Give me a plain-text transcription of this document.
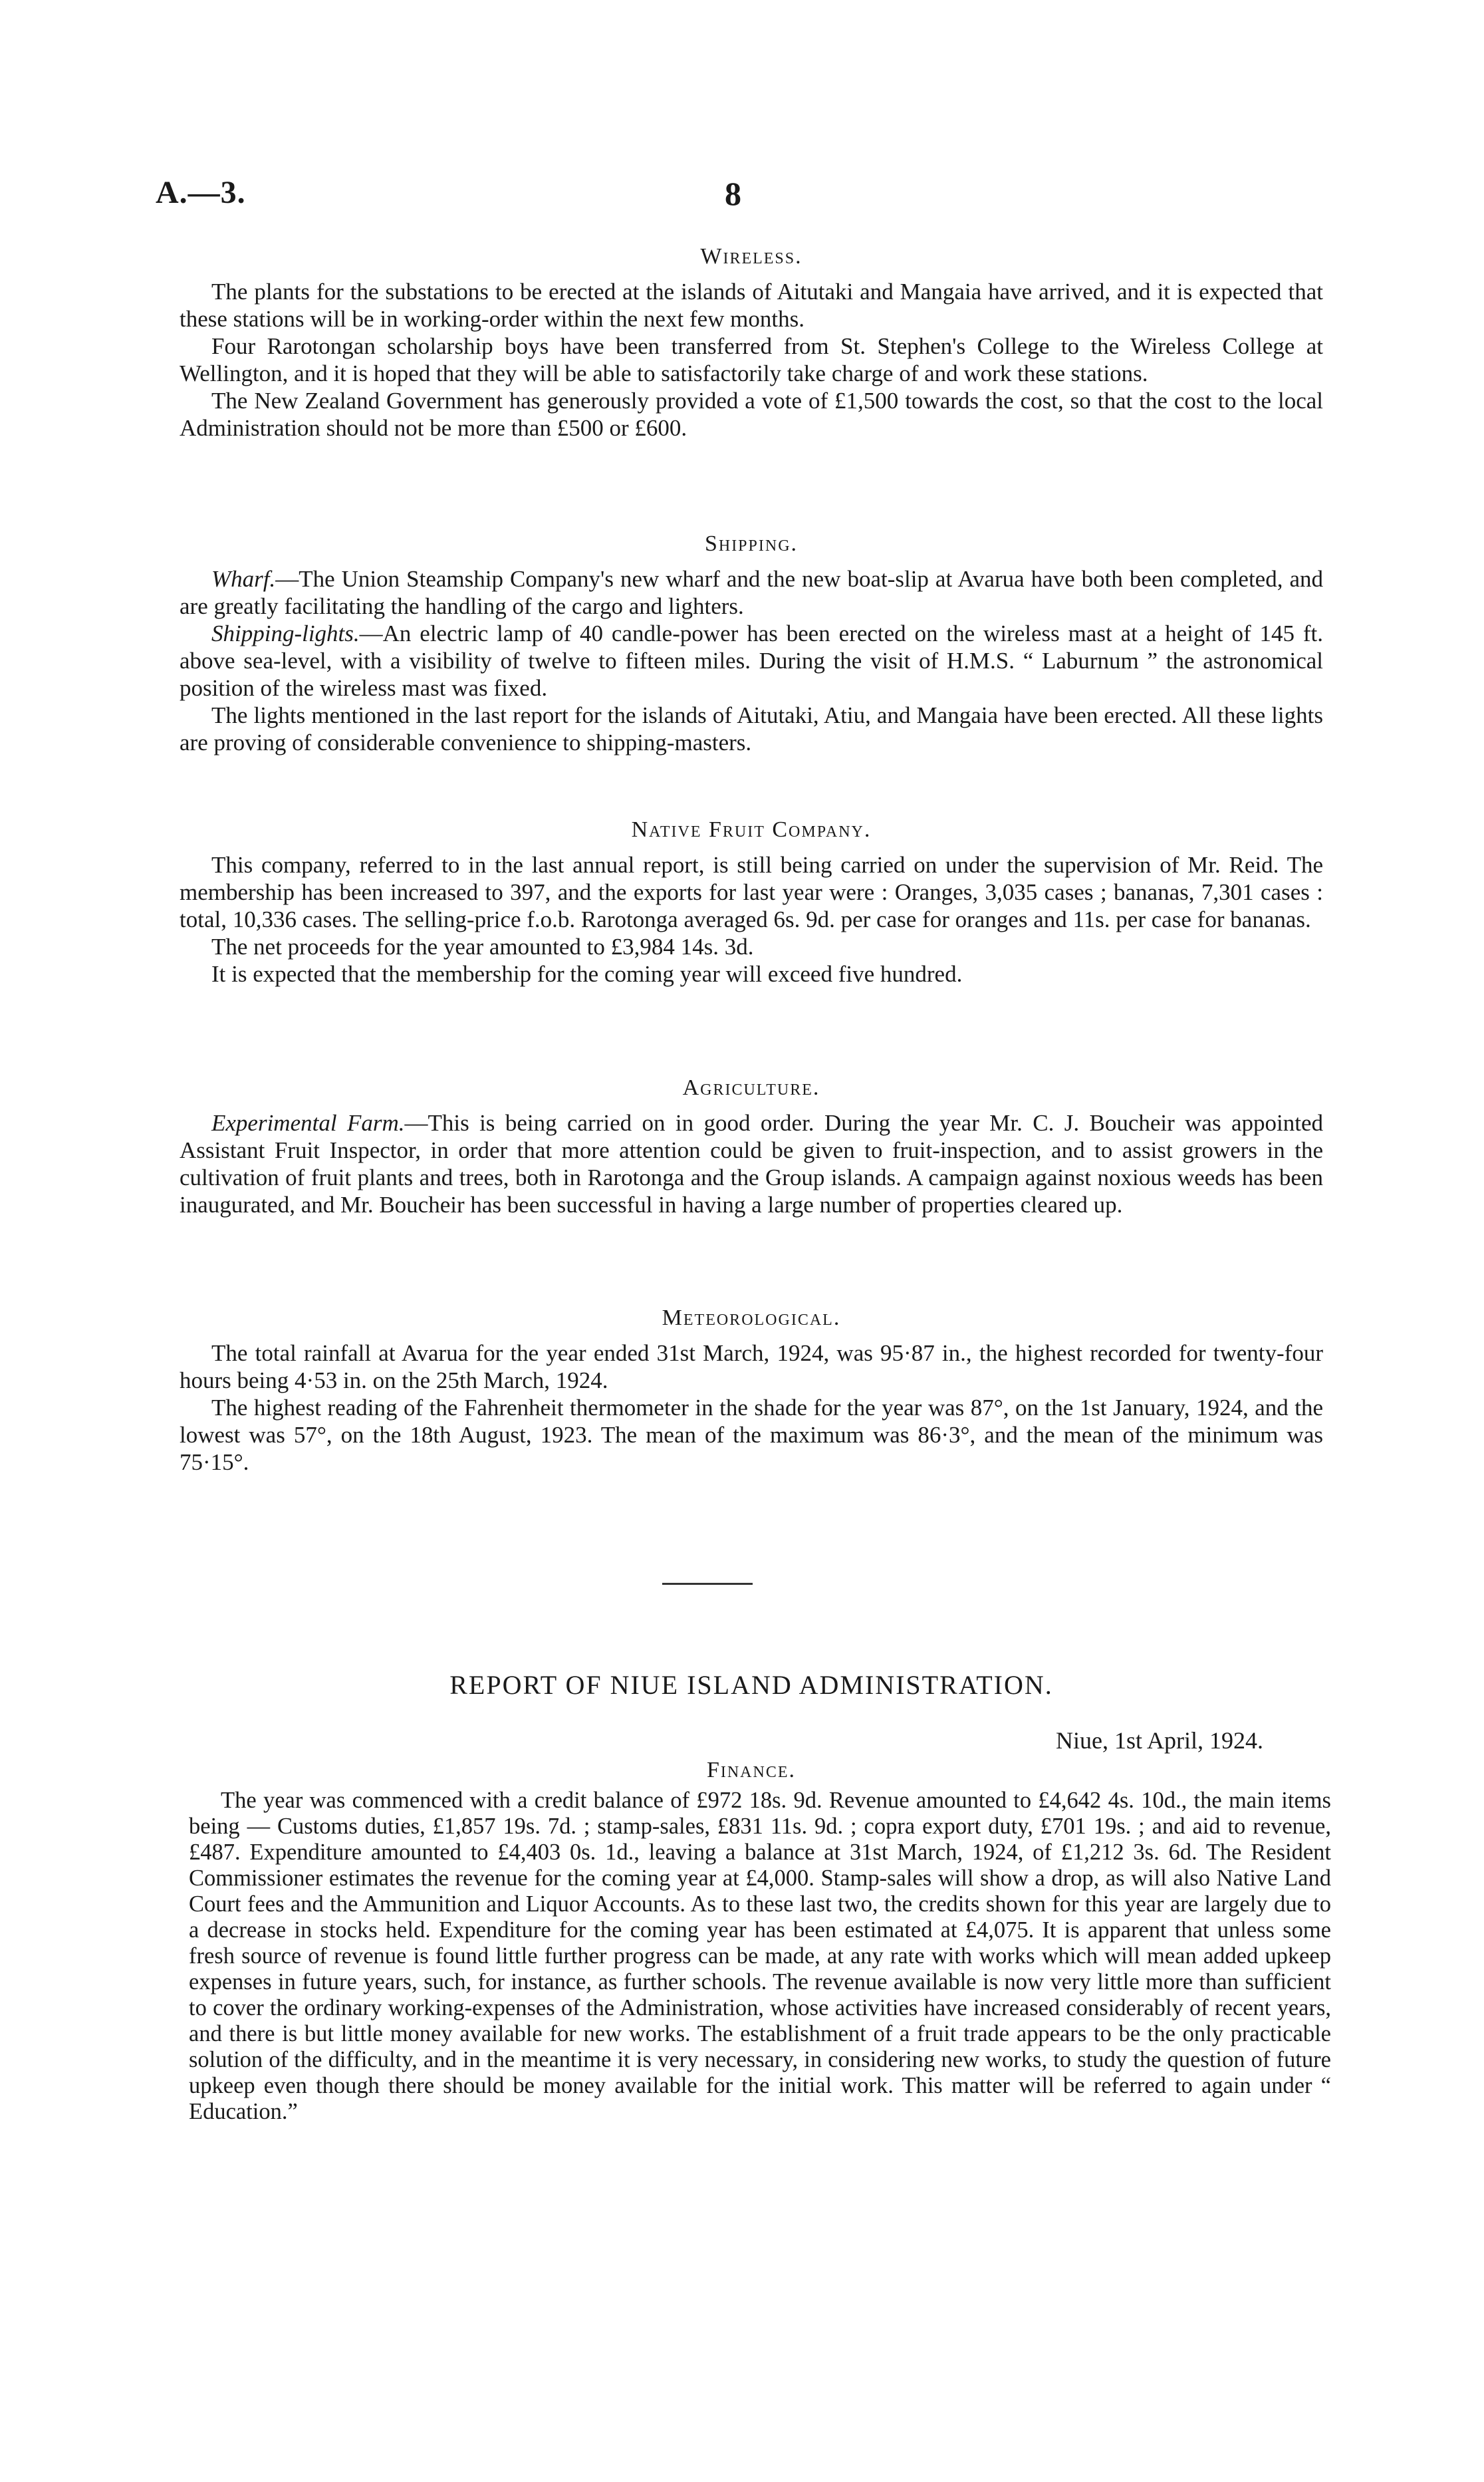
A.—3.	8
Wireless.

The plants for the substations to be erected at the islands of Aitutaki and Mangaia have arrived, and it is expected that these stations will be in working-order within the next few months.

Four Rarotongan scholarship boys have been transferred from St. Stephen's College to the Wireless College at Wellington, and it is hoped that they will be able to satisfactorily take charge of and work these stations.

The New Zealand Government has generously provided a vote of £1,500 towards the cost, so that the cost to the local Administration should not be more than £500 or £600.

Shipping.

Wharf.—The Union Steamship Company's new wharf and the new boat-slip at Avarua have both been completed, and are greatly facilitating the handling of the cargo and lighters.

Shipping-lights.—An electric lamp of 40 candle-power has been erected on the wireless mast at a height of 145 ft. above sea-level, with a visibility of twelve to fifteen miles. During the visit of H.M.S. “ Laburnum ” the astronomical position of the wireless mast was fixed.

The lights mentioned in the last report for the islands of Aitutaki, Atiu, and Mangaia have been erected. All these lights are proving of considerable convenience to shipping-masters.

Native Fruit Company.

This company, referred to in the last annual report, is still being carried on under the supervision of Mr. Reid. The membership has been increased to 397, and the exports for last year were : Oranges, 3,035 cases ; bananas, 7,301 cases : total, 10,336 cases. The selling-price f.o.b. Rarotonga averaged 6s. 9d. per case for oranges and 11s. per case for bananas.

The net proceeds for the year amounted to £3,984 14s. 3d.

It is expected that the membership for the coming year will exceed five hundred.

Agriculture.

Experimental Farm.—This is being carried on in good order. During the year Mr. C. J. Boucheir was appointed Assistant Fruit Inspector, in order that more attention could be given to fruit-inspection, and to assist growers in the cultivation of fruit plants and trees, both in Rarotonga and the Group islands. A campaign against noxious weeds has been inaugurated, and Mr. Boucheir has been successful in having a large number of properties cleared up.

Meteorological.

The total rainfall at Avarua for the year ended 31st March, 1924, was 95·87 in., the highest recorded for twenty-four hours being 4·53 in. on the 25th March, 1924.

The highest reading of the Fahrenheit thermometer in the shade for the year was 87°, on the 1st January, 1924, and the lowest was 57°, on the 18th August, 1923. The mean of the maximum was 86·3°, and the mean of the minimum was 75·15°.

REPORT OF NIUE ISLAND ADMINISTRATION.
Niue, 1st April, 1924.
Finance.

The year was commenced with a credit balance of £972 18s. 9d. Revenue amounted to £4,642 4s. 10d., the main items being — Customs duties, £1,857 19s. 7d. ; stamp-sales, £831 11s. 9d. ; copra export duty, £701 19s. ; and aid to revenue, £487. Expenditure amounted to £4,403 0s. 1d., leaving a balance at 31st March, 1924, of £1,212 3s. 6d. The Resident Commissioner estimates the revenue for the coming year at £4,000. Stamp-sales will show a drop, as will also Native Land Court fees and the Ammunition and Liquor Accounts. As to these last two, the credits shown for this year are largely due to a decrease in stocks held. Expenditure for the coming year has been estimated at £4,075. It is apparent that unless some fresh source of revenue is found little further progress can be made, at any rate with works which will mean added upkeep expenses in future years, such, for instance, as further schools. The revenue available is now very little more than sufficient to cover the ordinary working-expenses of the Administration, whose activities have increased considerably of recent years, and there is but little money available for new works. The establishment of a fruit trade appears to be the only practicable solution of the difficulty, and in the meantime it is very necessary, in considering new works, to study the question of future upkeep even though there should be money available for the initial work. This matter will be referred to again under “ Education.”
